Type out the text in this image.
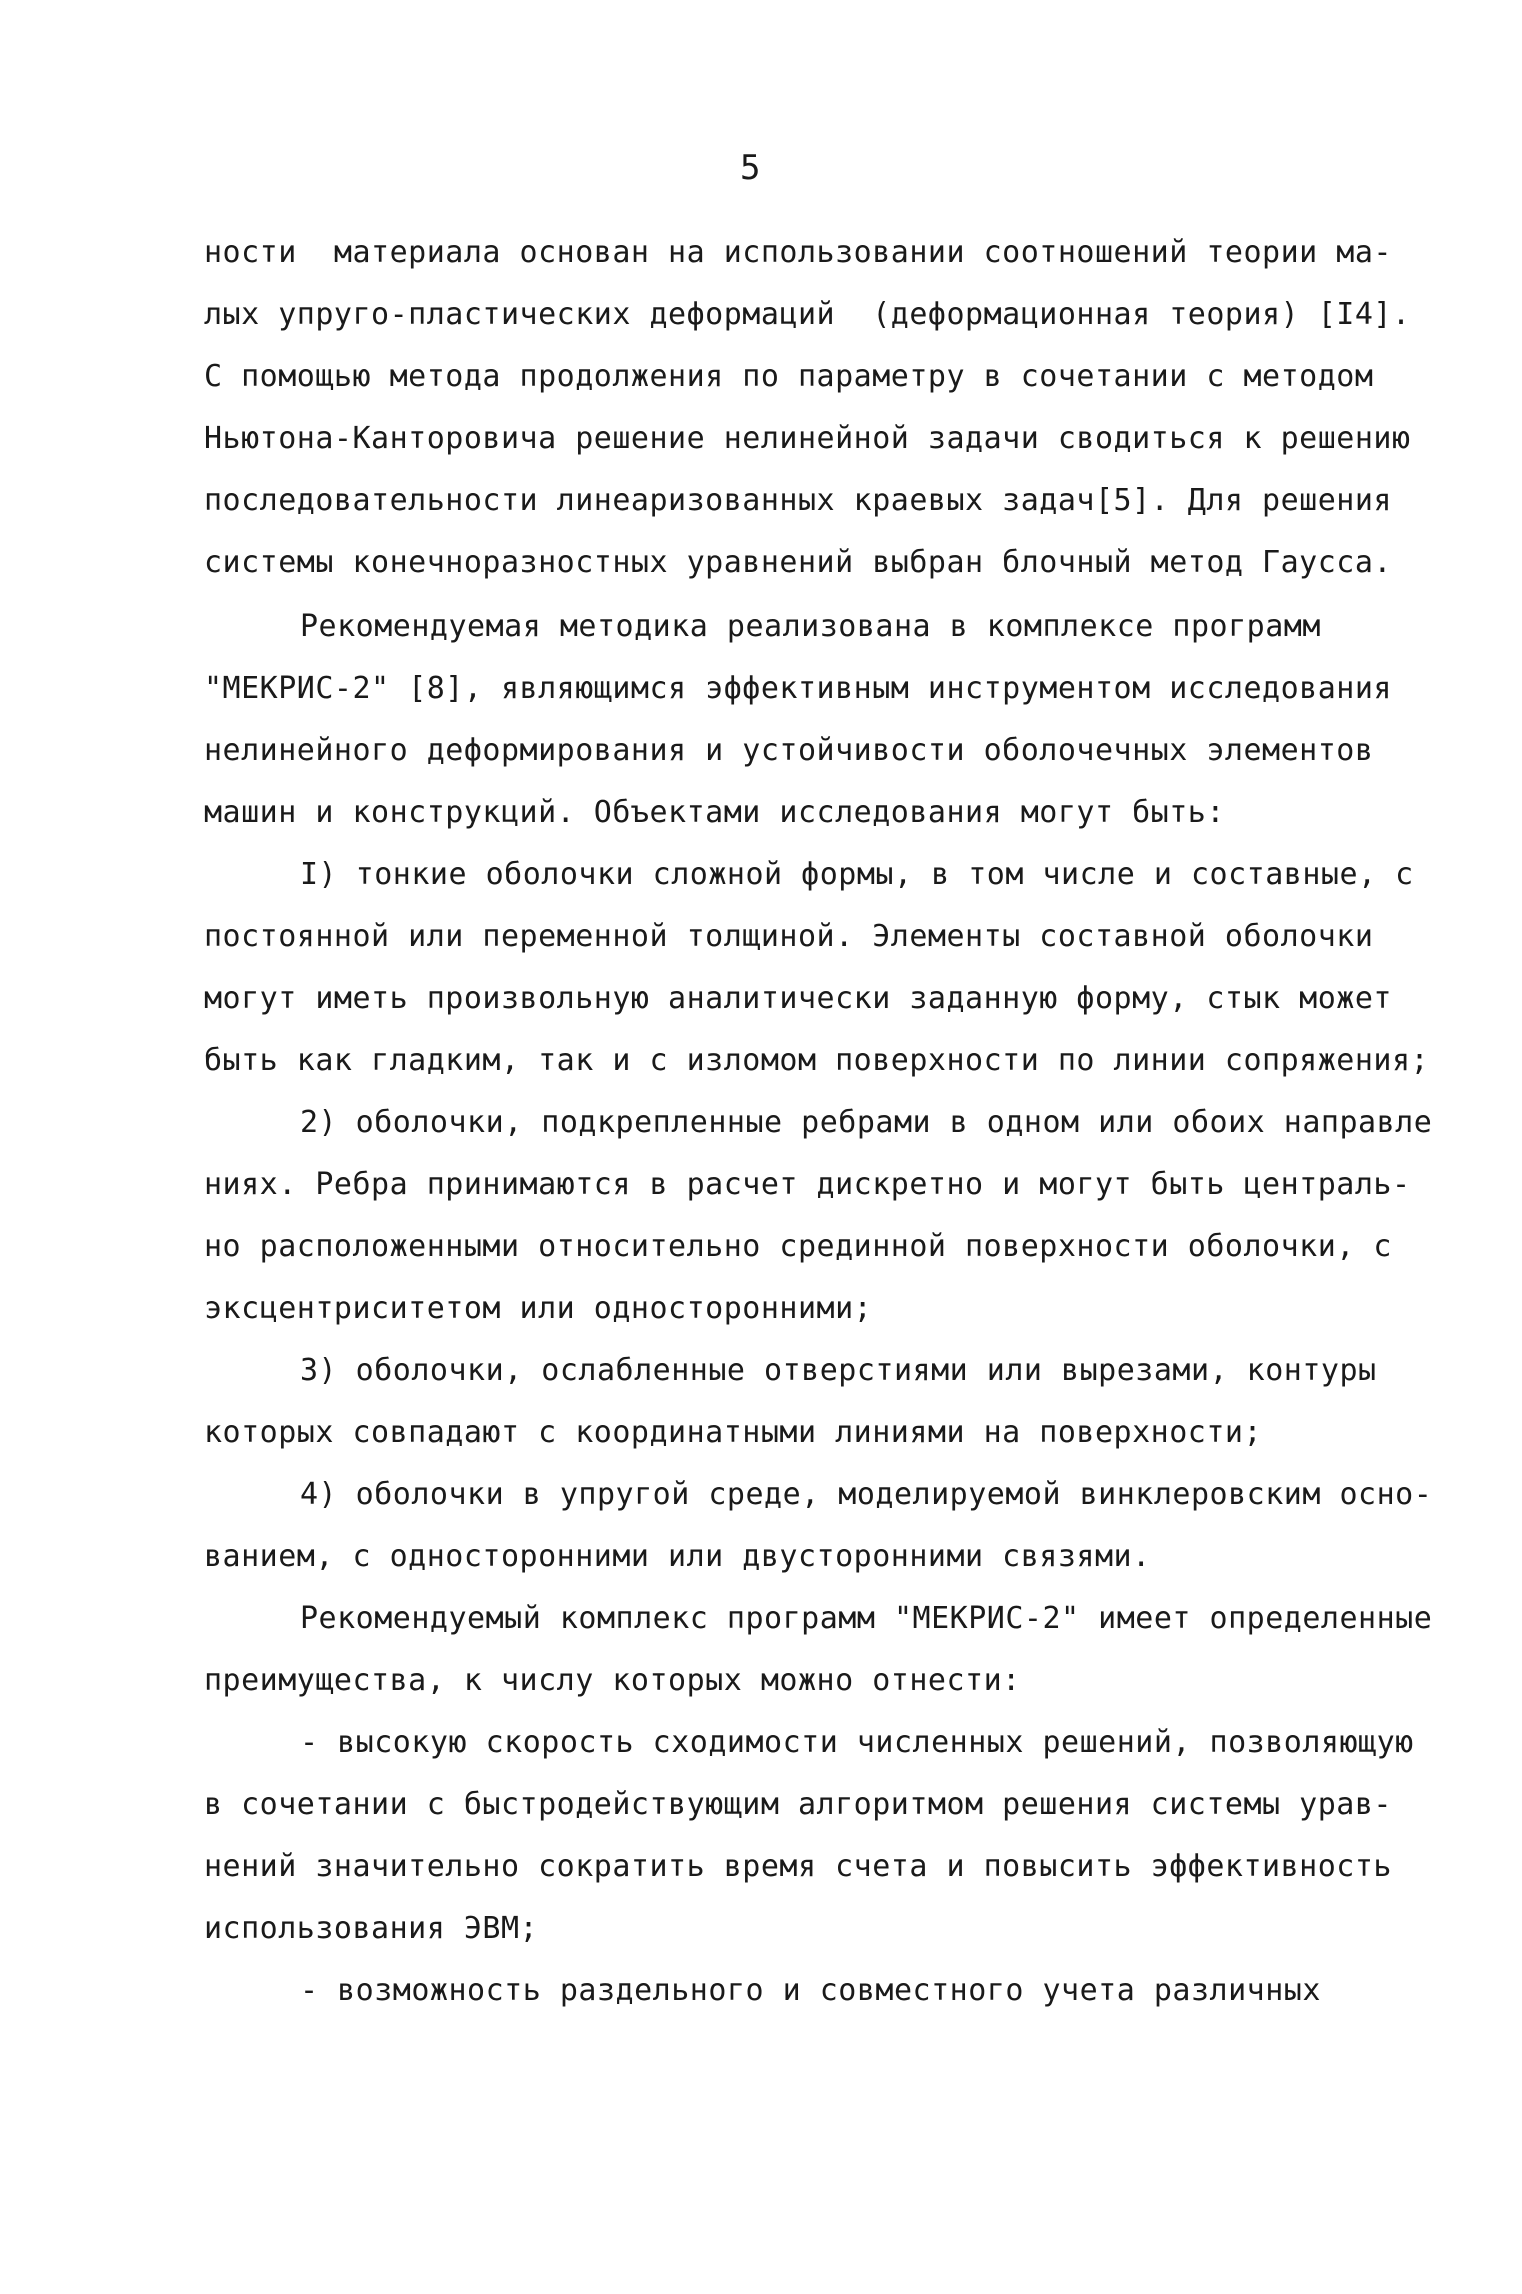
5
ности  материала основан на использовании соотношений теории ма-
лых упруго-пластических деформаций  (деформационная теория) [I4].
С помощью метода продолжения по параметру в сочетании с методом
Ньютона-Канторовича решение нелинейной задачи сводиться к решению
последовательности линеаризованных краевых задач[5]. Для решения
системы конечноразностных уравнений выбран блочный метод Гаусса.
Рекомендуемая методика реализована в комплексе программ
"МЕКРИС-2" [8], являющимся эффективным инструментом исследования
нелинейного деформирования и устойчивости оболочечных элементов
машин и конструкций. Объектами исследования могут быть:
I) тонкие оболочки сложной формы, в том числе и составные, с
постоянной или переменной толщиной. Элементы составной оболочки
могут иметь произвольную аналитически заданную форму, стык может
быть как гладким, так и с изломом поверхности по линии сопряжения;
2) оболочки, подкрепленные ребрами в одном или обоих направле
ниях. Ребра принимаются в расчет дискретно и могут быть централь-
но расположенными относительно срединной поверхности оболочки, с
эксцентриситетом или односторонними;
3) оболочки, ослабленные отверстиями или вырезами, контуры
которых совпадают с координатными линиями на поверхности;
4) оболочки в упругой среде, моделируемой винклеровским осно-
ванием, с односторонними или двусторонними связями.
Рекомендуемый комплекс программ "МЕКРИС-2" имеет определенные
преимущества, к числу которых можно отнести:
- высокую скорость сходимости численных решений, позволяющую
в сочетании с быстродействующим алгоритмом решения системы урав-
нений значительно сократить время счета и повысить эффективность
использования ЭВМ;
- возможность раздельного и совместного учета различных
